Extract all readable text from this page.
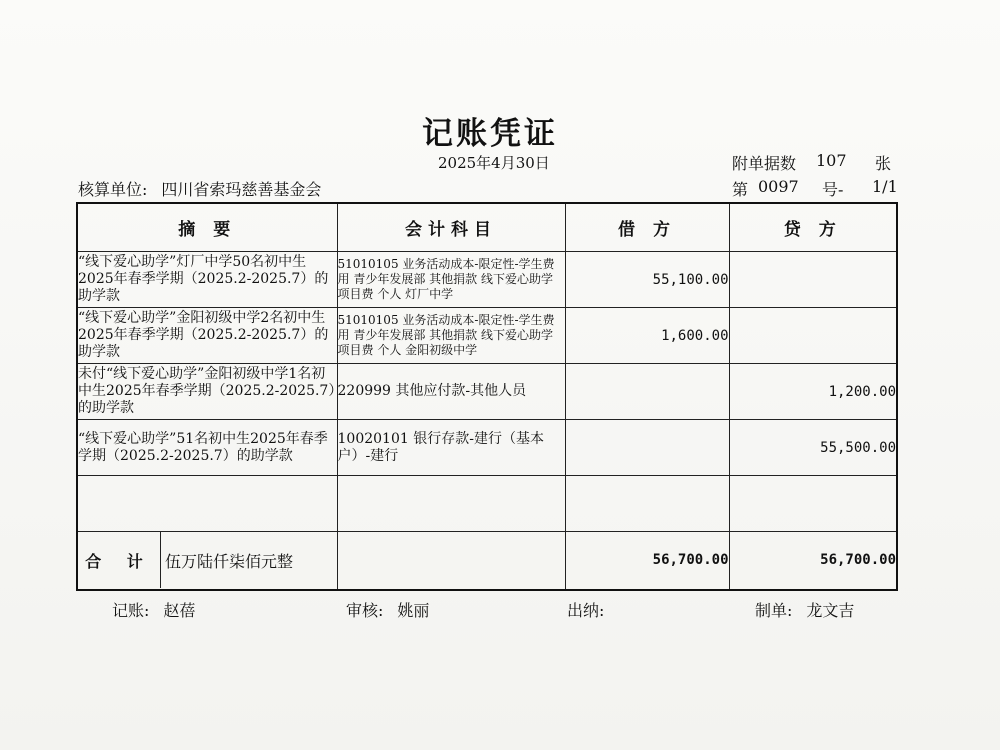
记账凭证
2025年4月30日	附单据数 107 张
核算单位: 四川省索玛慈善基金会	第 0097 号- 1/1
摘 要	会计科目	借 方	贷 方
“线下爱心助学”灯厂中学50名初中生2025年春季学期（2025.2-2025.7）的助学款	51010105 业务活动成本-限定性-学生费用 青少年发展部 其他捐款 线下爱心助学 项目费 个人 灯厂中学	55,100.00	
“线下爱心助学”金阳初级中学2名初中生2025年春季学期（2025.2-2025.7）的助学款	51010105 业务活动成本-限定性-学生费用 青少年发展部 其他捐款 线下爱心助学 项目费 个人 金阳初级中学	1,600.00	
未付“线下爱心助学”金阳初级中学1名初中生2025年春季学期（2025.2-2025.7）的助学款	220999 其他应付款-其他人员		1,200.00
“线下爱心助学”51名初中生2025年春季学期（2025.2-2025.7）的助学款	10020101 银行存款-建行（基本户）-建行		55,500.00

合 计 伍万陆仟柒佰元整		56,700.00	56,700.00
记账: 赵蓓	审核: 姚丽	出纳:	制单: 龙文吉
